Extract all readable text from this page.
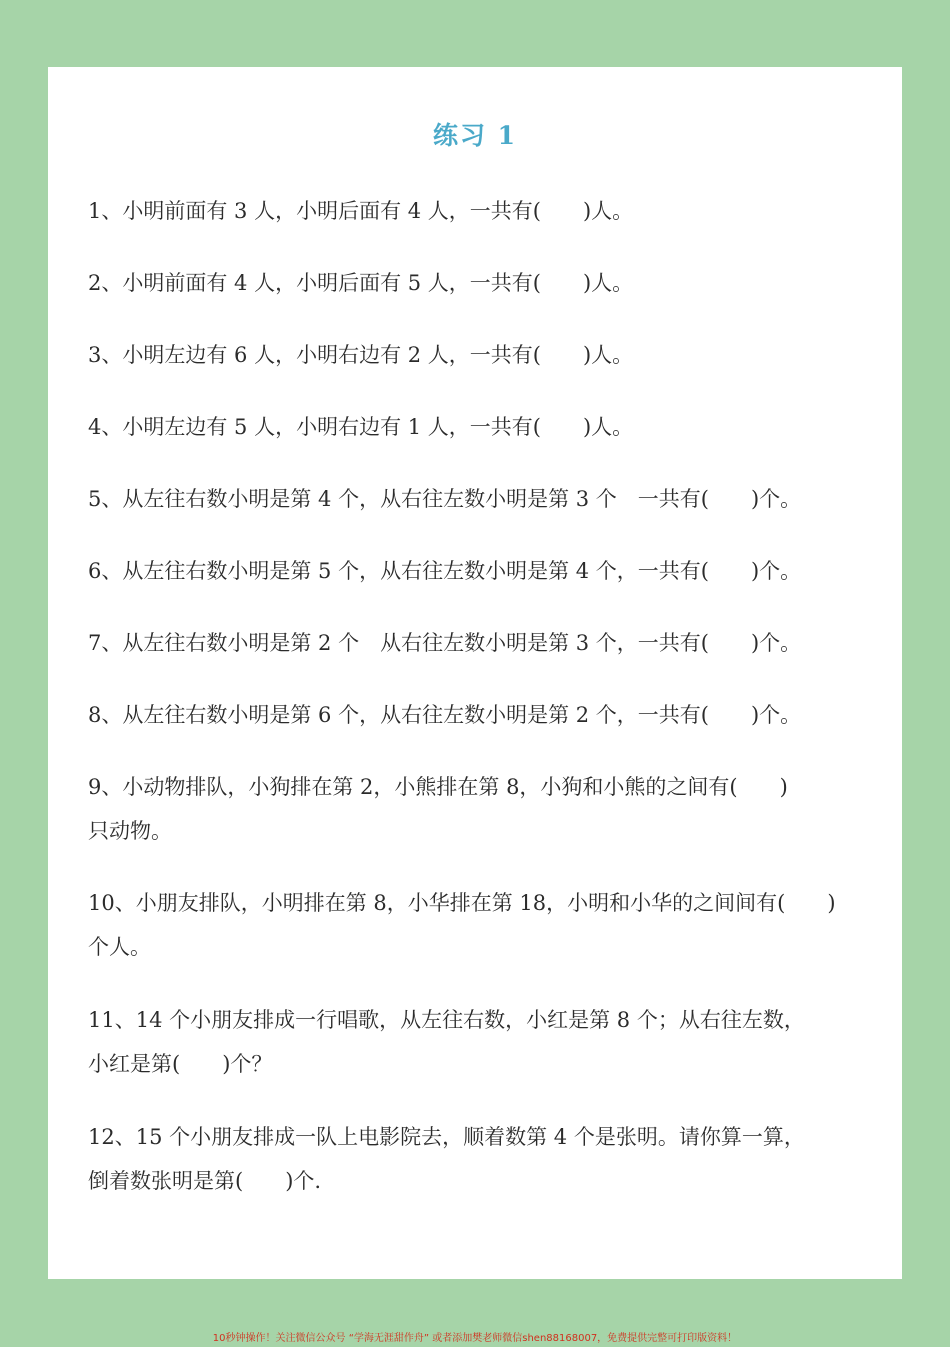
练习 1

1、小明前面有 3 人，小明后面有 4 人，一共有(　　)人。

2、小明前面有 4 人，小明后面有 5 人，一共有(　　)人。

3、小明左边有 6 人，小明右边有 2 人，一共有(　　)人。

4、小明左边有 5 人，小明右边有 1 人，一共有(　　)人。

5、从左往右数小明是第 4 个，从右往左数小明是第 3 个　一共有(　　)个。

6、从左往右数小明是第 5 个，从右往左数小明是第 4 个，一共有(　　)个。

7、从左往右数小明是第 2 个　从右往左数小明是第 3 个，一共有(　　)个。

8、从左往右数小明是第 6 个，从右往左数小明是第 2 个，一共有(　　)个。

9、小动物排队，小狗排在第 2，小熊排在第 8，小狗和小熊的之间有(　　)
只动物。

10、小朋友排队，小明排在第 8，小华排在第 18，小明和小华的之间间有(　　)
个人。

11、14 个小朋友排成一行唱歌，从左往右数，小红是第 8 个；从右往左数，
小红是第(　　)个？

12、15 个小朋友排成一队上电影院去，顺着数第 4 个是张明。请你算一算，
倒着数张明是第(　　)个.

10秒钟操作！关注微信公众号 “学海无涯甜作舟” 或者添加樊老师微信shen88168007，免费提供完整可打印版资料！
